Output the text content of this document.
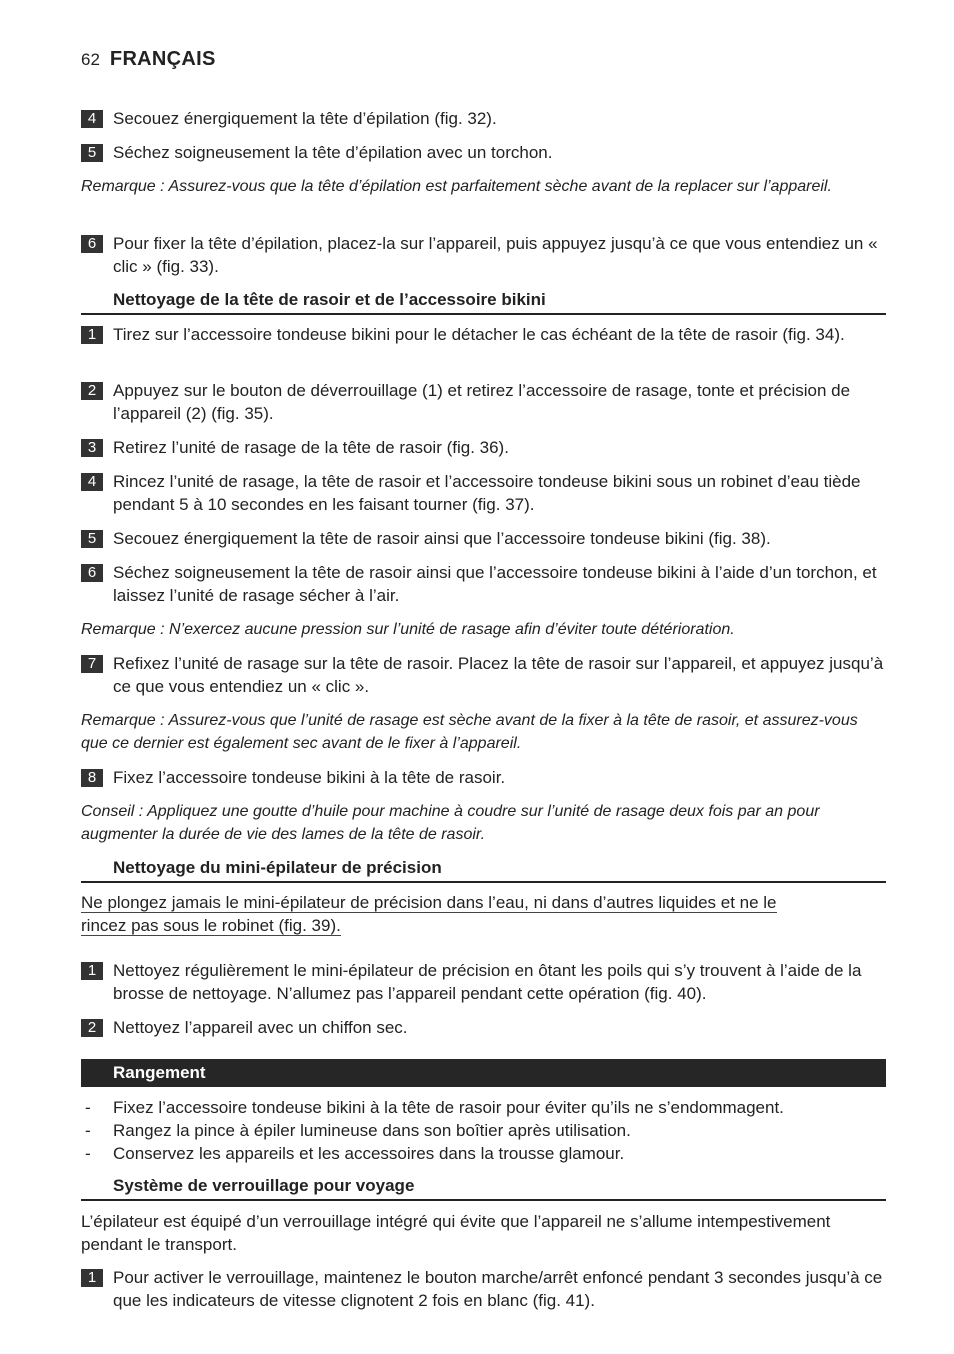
62 FRANÇAIS
4 Secouez énergiquement la tête d’épilation (fig. 32).
5 Séchez soigneusement la tête d’épilation avec un torchon.
Remarque : Assurez-vous que la tête d’épilation est parfaitement sèche avant de la replacer sur l’appareil.
6 Pour fixer la tête d’épilation, placez-la sur l’appareil, puis appuyez jusqu’à ce que vous entendiez un « clic » (fig. 33).
Nettoyage de la tête de rasoir et de l’accessoire bikini
1 Tirez sur l’accessoire tondeuse bikini pour le détacher le cas échéant de la tête de rasoir (fig. 34).
2 Appuyez sur le bouton de déverrouillage (1) et retirez l’accessoire de rasage, tonte et précision de l’appareil (2) (fig. 35).
3 Retirez l’unité de rasage de la tête de rasoir (fig. 36).
4 Rincez l’unité de rasage, la tête de rasoir et l’accessoire tondeuse bikini sous un robinet d’eau tiède pendant 5 à 10 secondes en les faisant tourner (fig. 37).
5 Secouez énergiquement la tête de rasoir ainsi que l’accessoire tondeuse bikini (fig. 38).
6 Séchez soigneusement la tête de rasoir ainsi que l’accessoire tondeuse bikini à l’aide d’un torchon, et laissez l’unité de rasage sécher à l’air.
Remarque : N’exercez aucune pression sur l’unité de rasage afin d’éviter toute détérioration.
7 Refixez l’unité de rasage sur la tête de rasoir. Placez la tête de rasoir sur l’appareil, et appuyez jusqu’à ce que vous entendiez un « clic ».
Remarque : Assurez-vous que l’unité de rasage est sèche avant de la fixer à la tête de rasoir, et assurez-vous que ce dernier est également sec avant de le fixer à l’appareil.
8 Fixez l’accessoire tondeuse bikini à la tête de rasoir.
Conseil : Appliquez une goutte d’huile pour machine à coudre sur l’unité de rasage deux fois par an pour augmenter la durée de vie des lames de la tête de rasoir.
Nettoyage du mini-épilateur de précision
Ne plongez jamais le mini-épilateur de précision dans l’eau, ni dans d’autres liquides et ne le
rincez pas sous le robinet (fig. 39).
1 Nettoyez régulièrement le mini-épilateur de précision en ôtant les poils qui s’y trouvent à l’aide de la brosse de nettoyage. N’allumez pas l’appareil pendant cette opération (fig. 40).
2 Nettoyez l’appareil avec un chiffon sec.
Rangement
- Fixez l’accessoire tondeuse bikini à la tête de rasoir pour éviter qu’ils ne s’endommagent.
- Rangez la pince à épiler lumineuse dans son boîtier après utilisation.
- Conservez les appareils et les accessoires dans la trousse glamour.
Système de verrouillage pour voyage
L’épilateur est équipé d’un verrouillage intégré qui évite que l’appareil ne s’allume intempestivement pendant le transport.
1 Pour activer le verrouillage, maintenez le bouton marche/arrêt enfoncé pendant 3 secondes jusqu’à ce que les indicateurs de vitesse clignotent 2 fois en blanc (fig. 41).
